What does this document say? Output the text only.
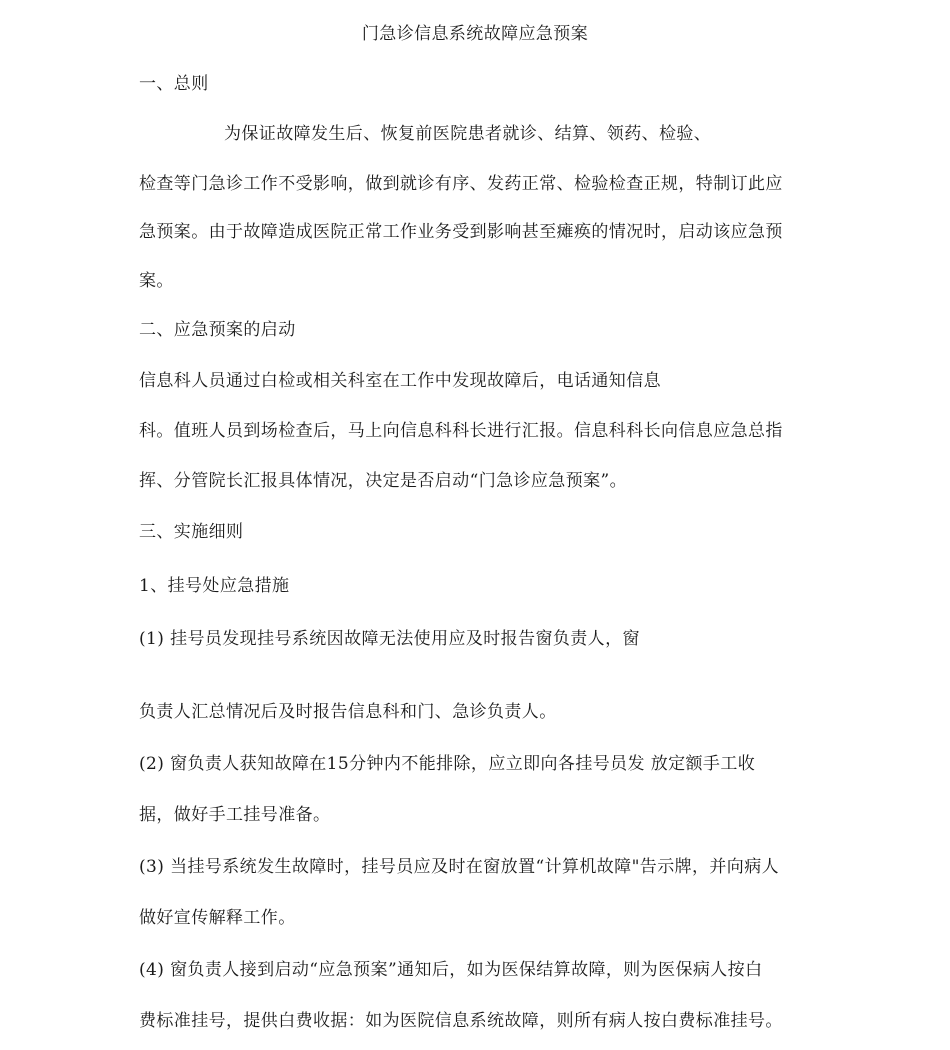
门急诊信息系统故障应急预案
一、总则
为保证故障发生后、恢复前医院患者就诊、结算、领药、检验、
检查等门急诊工作不受影响，做到就诊有序、发药正常、检验检查正规，特制订此应
急预案。由于故障造成医院正常工作业务受到影响甚至瘫痪的情况时，启动该应急预
案。
二、应急预案的启动
信息科人员通过白检或相关科室在工作中发现故障后，电话通知信息
科。值班人员到场检查后，马上向信息科科长进行汇报。信息科科长向信息应急总指
挥、分管院长汇报具体情况，决定是否启动“门急诊应急预案”。
三、实施细则
1、挂号处应急措施
(1) 挂号员发现挂号系统因故障无法使用应及时报告窗负责人，窗
负责人汇总情况后及时报告信息科和门、急诊负责人。
(2) 窗负责人获知故障在15分钟内不能排除，应立即向各挂号员发 放定额手工收
据，做好手工挂号准备。
(3) 当挂号系统发生故障时，挂号员应及时在窗放置“计算机故障"告示牌，并向病人
做好宣传解释工作。
(4) 窗负责人接到启动“应急预案”通知后，如为医保结算故障，则为医保病人按白
费标准挂号，提供白费收据：如为医院信息系统故障，则所有病人按白费标准挂号。
